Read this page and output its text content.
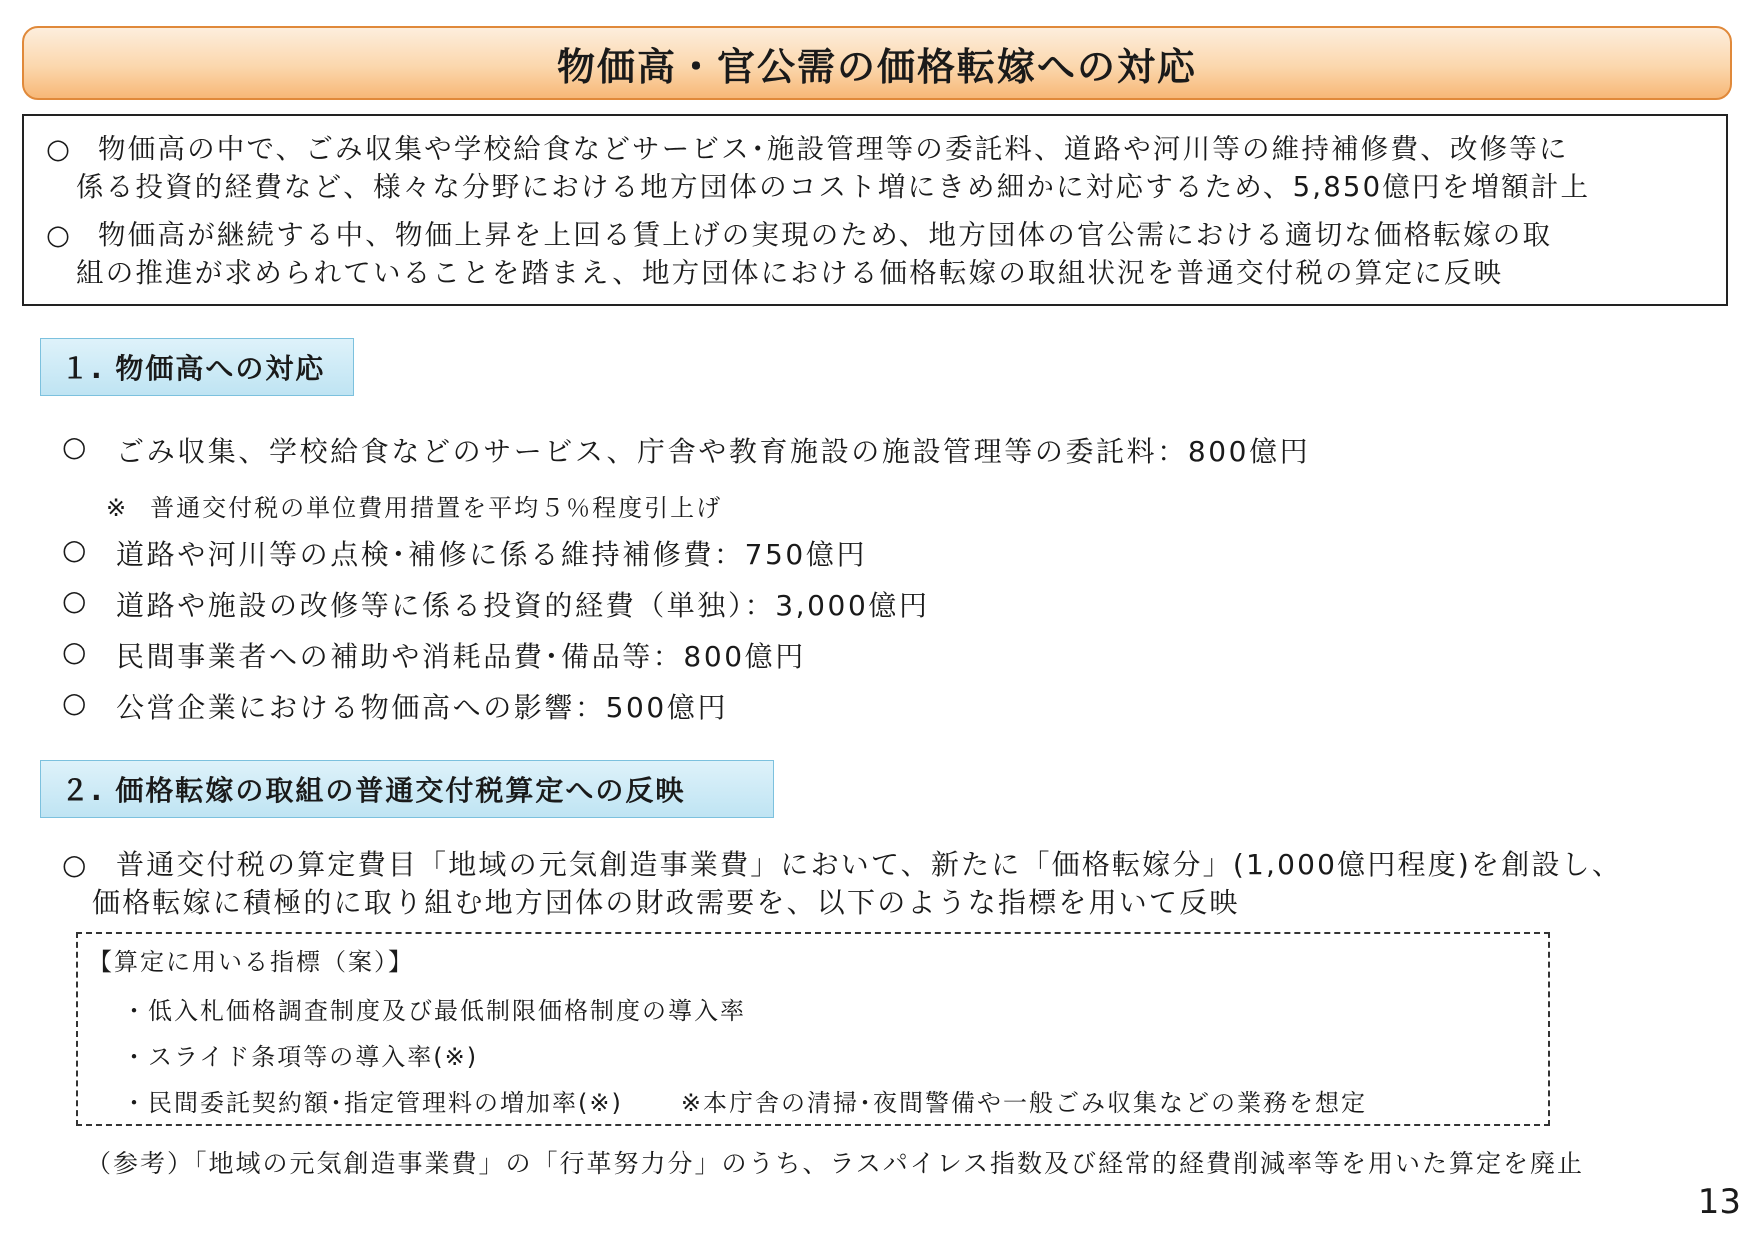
物価高・官公需の価格転嫁への対応
○ 物価高の中で、ごみ収集や学校給食などサービス･施設管理等の委託料、道路や河川等の維持補修費、改修等に
係る投資的経費など、様々な分野における地方団体のコスト増にきめ細かに対応するため、5,850億円を増額計上
○ 物価高が継続する中、物価上昇を上回る賃上げの実現のため、地方団体の官公需における適切な価格転嫁の取
組の推進が求められていることを踏まえ、地方団体における価格転嫁の取組状況を普通交付税の算定に反映
１. 物価高への対応
○ ごみ収集、学校給食などのサービス、庁舎や教育施設の施設管理等の委託料：800億円
※ 普通交付税の単位費用措置を平均５％程度引上げ
○ 道路や河川等の点検･補修に係る維持補修費：750億円
○ 道路や施設の改修等に係る投資的経費（単独）：3,000億円
○ 民間事業者への補助や消耗品費･備品等：800億円
○ 公営企業における物価高への影響：500億円
２. 価格転嫁の取組の普通交付税算定への反映
○ 普通交付税の算定費目「地域の元気創造事業費」において、新たに「価格転嫁分」(1,000億円程度)を創設し、
価格転嫁に積極的に取り組む地方団体の財政需要を、以下のような指標を用いて反映
【算定に用いる指標（案）】
・低入札価格調査制度及び最低制限価格制度の導入率
・スライド条項等の導入率(※)
・民間委託契約額･指定管理料の増加率(※) ※本庁舎の清掃･夜間警備や一般ごみ収集などの業務を想定
（参考）「地域の元気創造事業費」の「行革努力分」のうち、ラスパイレス指数及び経常的経費削減率等を用いた算定を廃止
13
